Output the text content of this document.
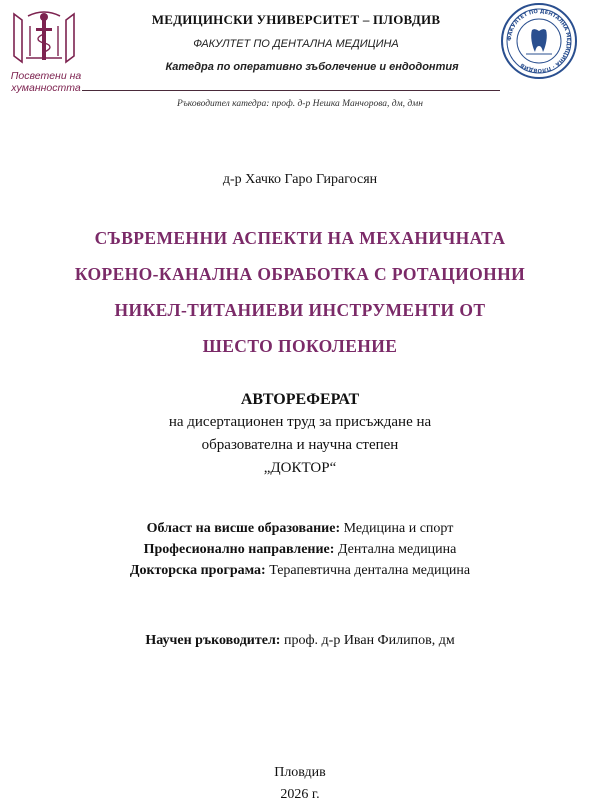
Посветени на
хуманността
МЕДИЦИНСКИ УНИВЕРСИТЕТ – ПЛОВДИВ
ФАКУЛТЕТ ПО ДЕНТАЛНА МЕДИЦИНА
Катедра по оперативно зъболечение и ендодонтия
ФАКУЛТЕТ ПО ДЕНТАЛНА МЕДИЦИНА · ПЛОВДИВ
Ръководител катедра: проф. д-р Нешка Манчорова, дм, дмн
д-р Хачко Гаро Гирагосян
СЪВРЕМЕННИ АСПЕКТИ НА МЕХАНИЧНАТА
КОРЕНО-КАНАЛНА ОБРАБОТКА С РОТАЦИОННИ
НИКЕЛ-ТИТАНИЕВИ ИНСТРУМЕНТИ ОТ
ШЕСТО ПОКОЛЕНИЕ
АВТОРЕФЕРАТ
на дисертационен труд за присъждане на
образователна и научна степен
„ДОКТОР“
Област на висше образование: Медицина и спорт
Професионално направление: Дентална медицина
Докторска програма: Терапевтична дентална медицина
Научен ръководител: проф. д-р Иван Филипов, дм
Пловдив
2026 г.
